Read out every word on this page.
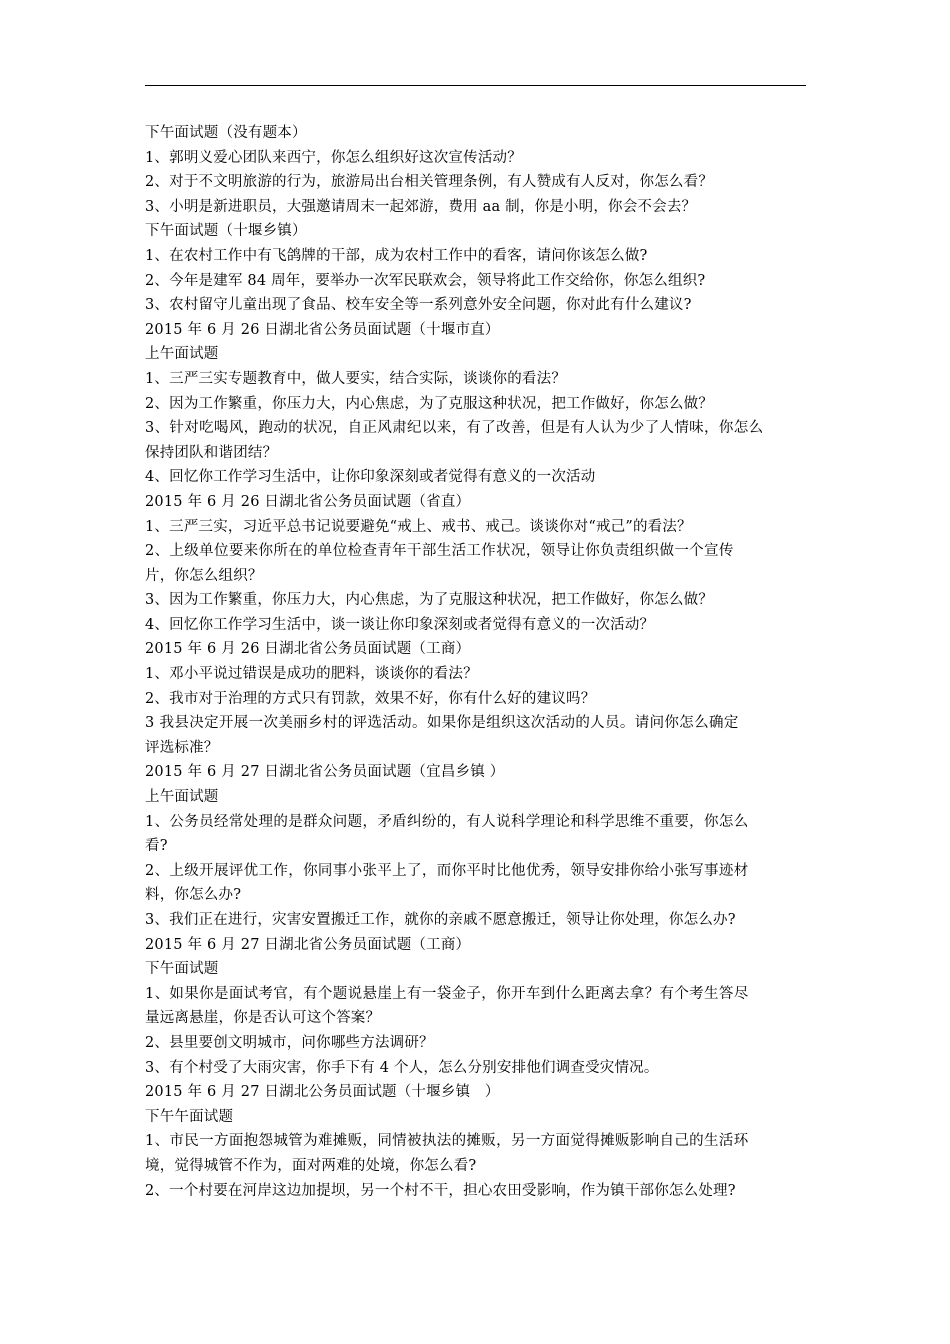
下午面试题（没有题本）
1、郭明义爱心团队来西宁，你怎么组织好这次宣传活动？
2、对于不文明旅游的行为，旅游局出台相关管理条例，有人赞成有人反对，你怎么看？
3、小明是新进职员，大强邀请周末一起郊游，费用 aa 制，你是小明，你会不会去？
下午面试题（十堰乡镇）
1、在农村工作中有飞鸽牌的干部，成为农村工作中的看客，请问你该怎么做?
2、今年是建军 84 周年，要举办一次军民联欢会，领导将此工作交给你，你怎么组织?
3、农村留守儿童出现了食品、校车安全等一系列意外安全问题，你对此有什么建议?
2015 年 6 月 26 日湖北省公务员面试题（十堰市直）
上午面试题
1、三严三实专题教育中，做人要实，结合实际，谈谈你的看法？
2、因为工作繁重，你压力大，内心焦虑，为了克服这种状况，把工作做好，你怎么做？
3、针对吃喝风，跑动的状况，自正风肃纪以来，有了改善，但是有人认为少了人情味，你怎么
保持团队和谐团结？
4、回忆你工作学习生活中，让你印象深刻或者觉得有意义的一次活动
2015 年 6 月 26 日湖北省公务员面试题（省直）
1、三严三实，习近平总书记说要避免“戒上、戒书、戒己。谈谈你对“戒己”的看法？
2、上级单位要来你所在的单位检查青年干部生活工作状况，领导让你负责组织做一个宣传
片，你怎么组织？
3、因为工作繁重，你压力大，内心焦虑，为了克服这种状况，把工作做好，你怎么做？
4、回忆你工作学习生活中，谈一谈让你印象深刻或者觉得有意义的一次活动？
2015 年 6 月 26 日湖北省公务员面试题（工商）
1、邓小平说过错误是成功的肥料，谈谈你的看法？
2、我市对于治理的方式只有罚款，效果不好，你有什么好的建议吗？
3 我县决定开展一次美丽乡村的评选活动。如果你是组织这次活动的人员。请问你怎么确定
评选标准？
2015 年 6 月 27 日湖北省公务员面试题（宜昌乡镇 ）
上午面试题
1、公务员经常处理的是群众问题，矛盾纠纷的，有人说科学理论和科学思维不重要，你怎么
看?
2、上级开展评优工作，你同事小张平上了，而你平时比他优秀，领导安排你给小张写事迹材
料，你怎么办?
3、我们正在进行，灾害安置搬迁工作，就你的亲戚不愿意搬迁，领导让你处理，你怎么办?
2015 年 6 月 27 日湖北省公务员面试题（工商）
下午面试题
1、如果你是面试考官，有个题说悬崖上有一袋金子，你开车到什么距离去拿？有个考生答尽
量远离悬崖，你是否认可这个答案？
2、县里要创文明城市，问你哪些方法调研？
3、有个村受了大雨灾害，你手下有 4 个人，怎么分别安排他们调查受灾情况。
2015 年 6 月 27 日湖北公务员面试题（十堰乡镇　）
下午午面试题
1、市民一方面抱怨城管为难摊贩，同情被执法的摊贩，另一方面觉得摊贩影响自己的生活环
境，觉得城管不作为，面对两难的处境，你怎么看?
2、一个村要在河岸这边加提坝，另一个村不干，担心农田受影响，作为镇干部你怎么处理?
